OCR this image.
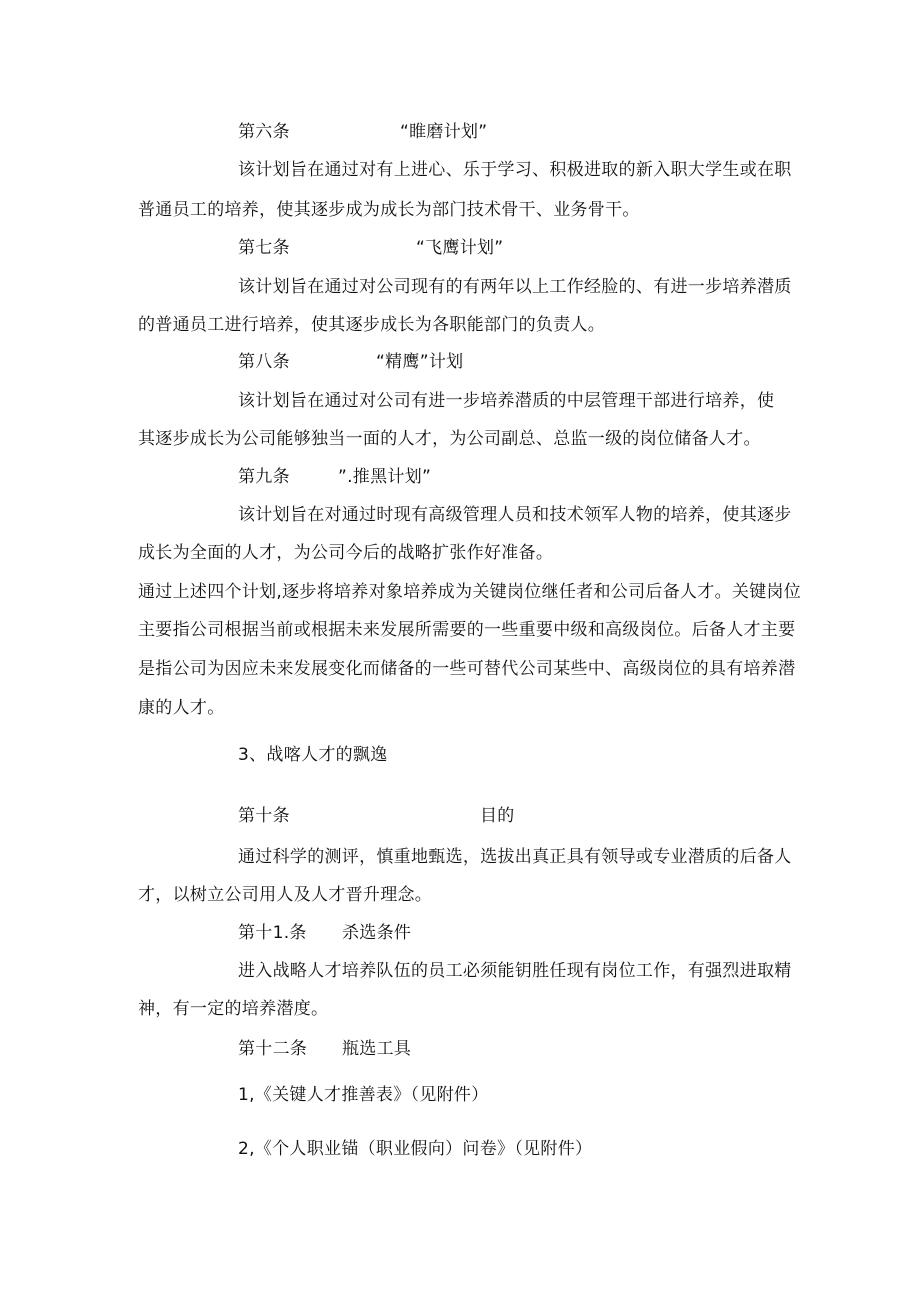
第六条	“睢磨计划”
该计划旨在通过对有上进心、乐于学习、积极进取的新入职大学生或在职
普通员工的培养，使其逐步成为成长为部门技术骨干、业务骨干。
第七条	“飞鹰计划”
该计划旨在通过对公司现有的有两年以上工作经脸的、有进一步培养潜质
的普通员工进行培养，使其逐步成长为各职能部门的负责人。
第八条	“精鹰”计划
该计划旨在通过对公司有进一步培养潜质的中层管理干部进行培养，使
其逐步成长为公司能够独当一面的人才，为公司副总、总监一级的岗位储备人才。
第九条	”.推黑计划”
该计划旨在对通过时现有高级管理人员和技术领军人物的培养，使其逐步
成长为全面的人才，为公司今后的战略扩张作好准备。
通过上述四个计划,逐步将培养对象培养成为关键岗位继任者和公司后备人才。关键岗位
主要指公司根据当前或根据未来发展所需要的一些重要中级和高级岗位。后备人才主要
是指公司为因应未来发展变化而储备的一些可替代公司某些中、高级岗位的具有培养潜
康的人才。
3、战喀人才的飘逸
第十条	目的
通过科学的测评，慎重地甄选，选拔出真正具有领导或专业潜质的后备人
才，以树立公司用人及人才晋升理念。
第十1.条 杀选条件
进入战略人才培养队伍的员工必须能钥胜任现有岗位工作，有强烈进取精
神，有一定的培养潜度。
第十二条 瓶选工具
1,《关键人才推善表》（见附件）
2,《个人职业锚（职业假向）问卷》（见附件）
